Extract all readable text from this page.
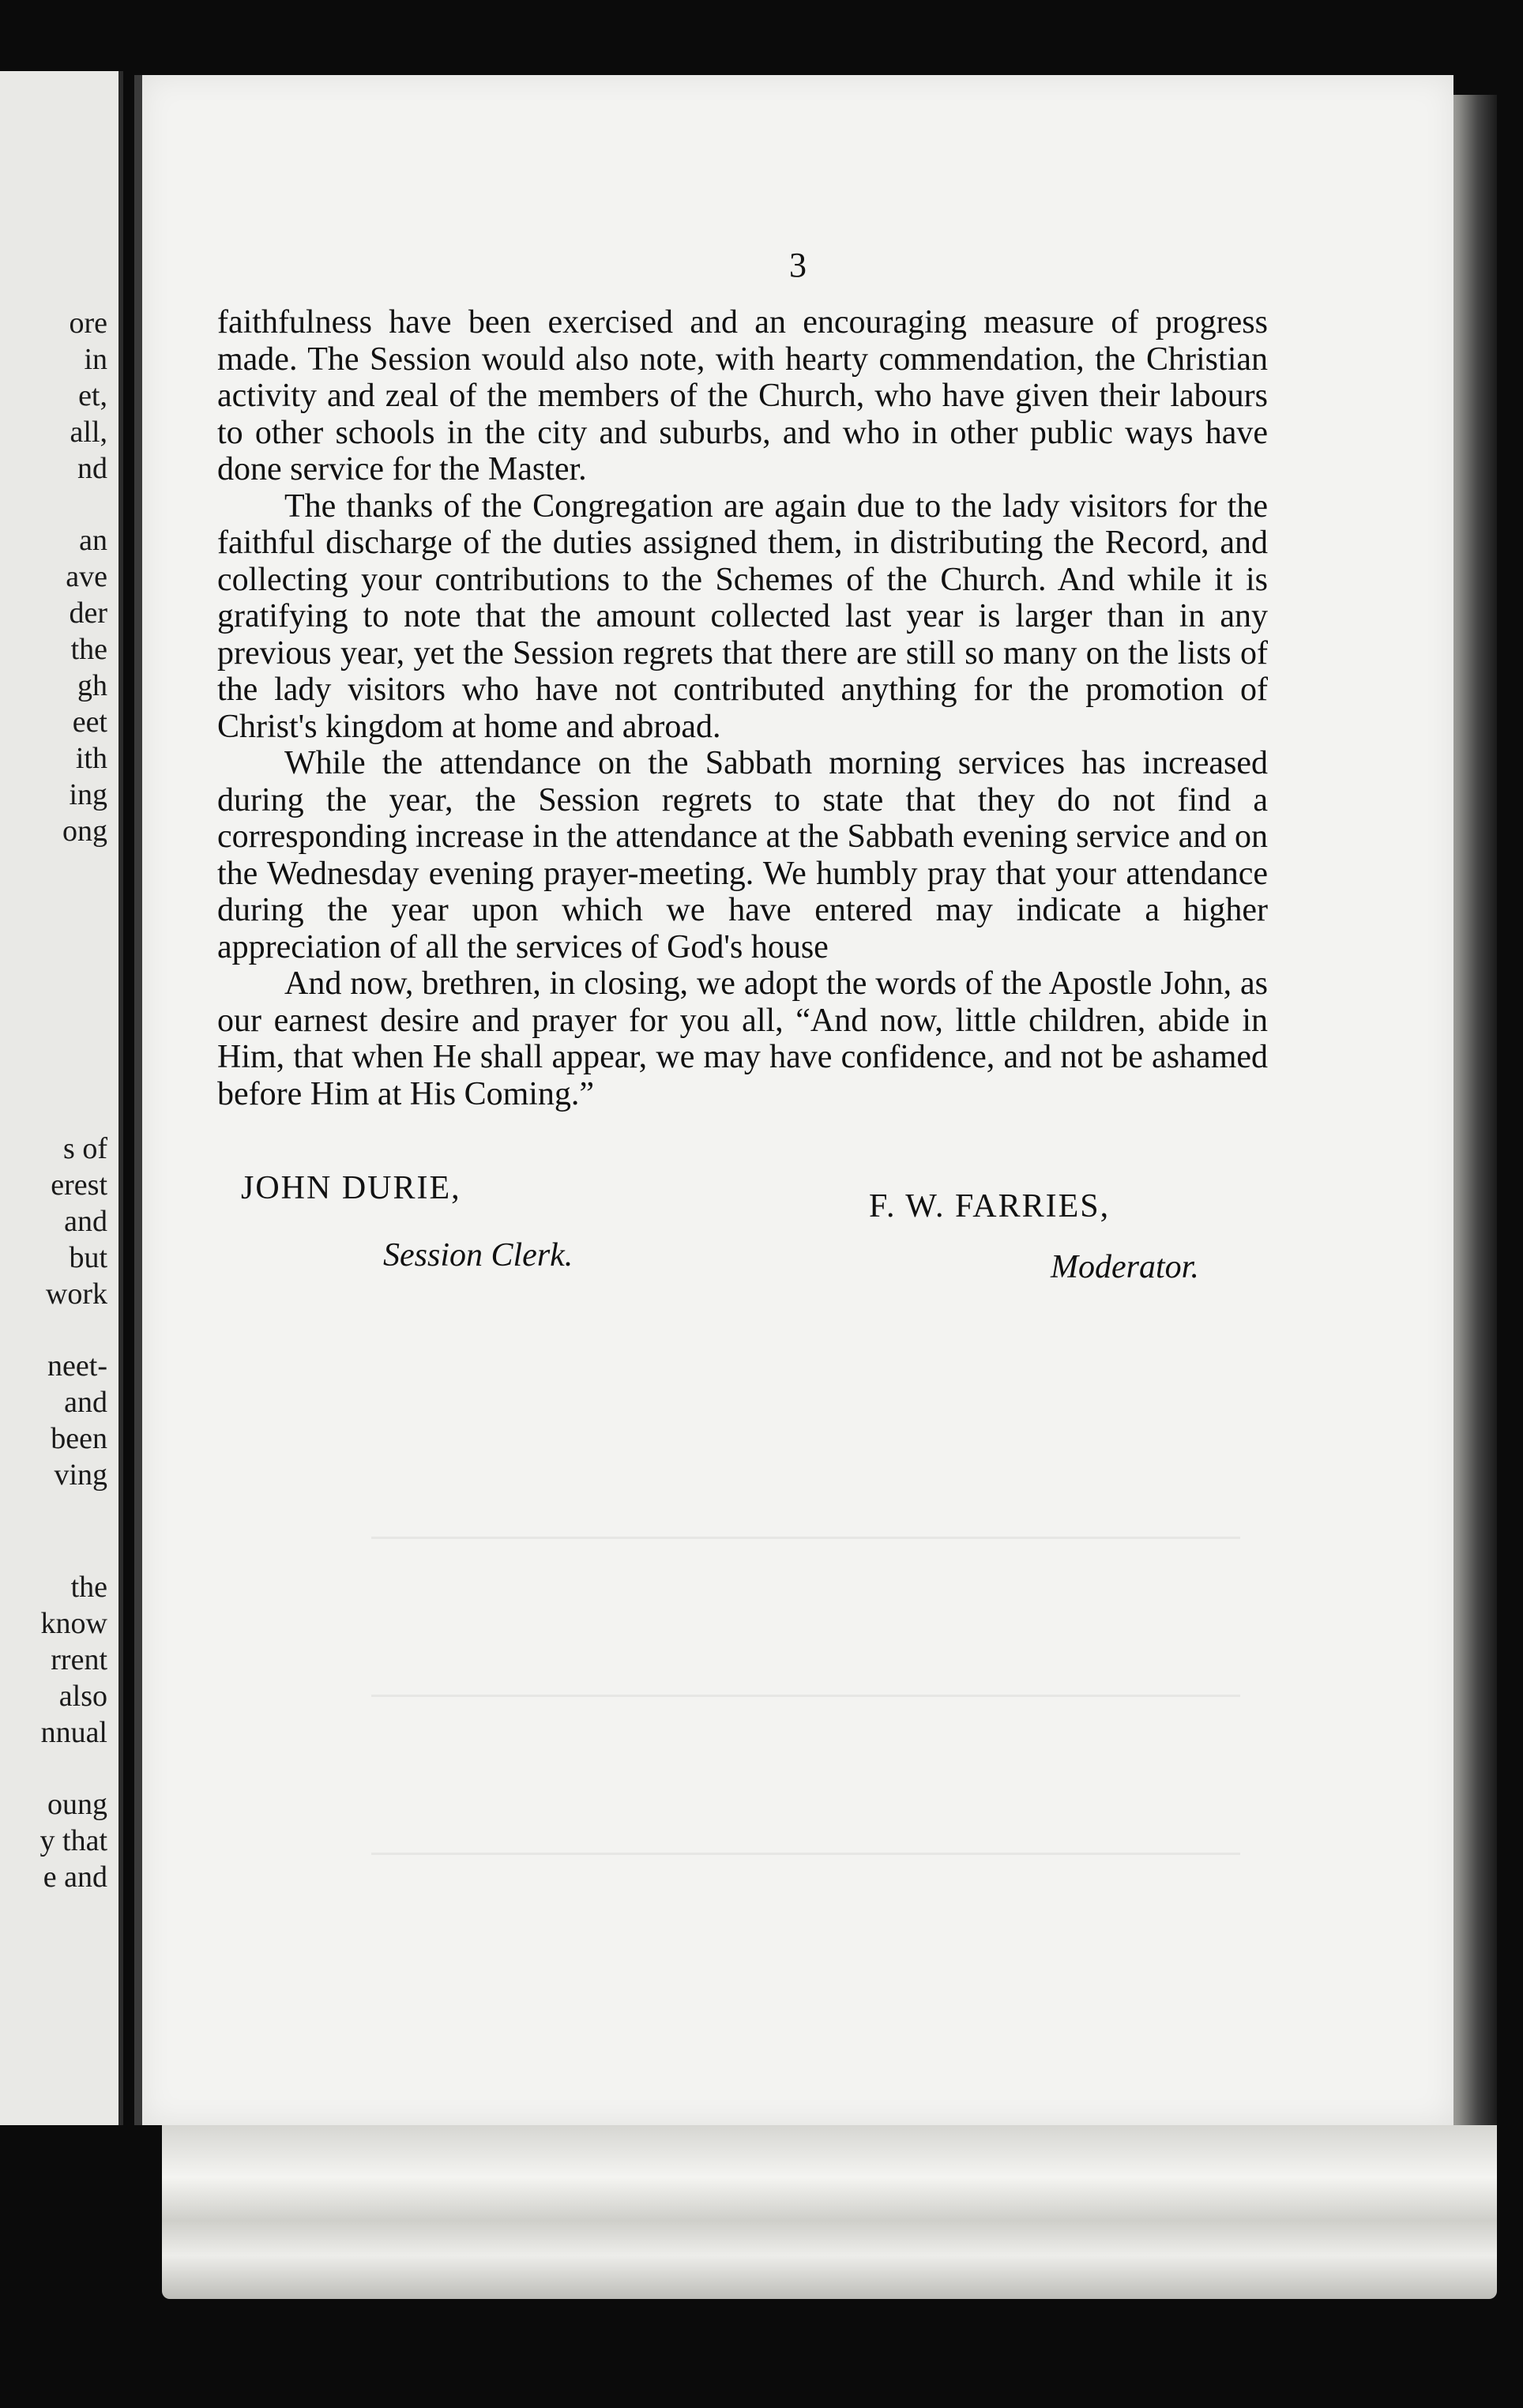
ore
in
et,
all,
nd
an
ave
der
the
gh
eet
ith
ing
ong
s of
erest
and
but
work
neet-
and
been
ving
the
know
rrent
also
nnual
oung
y that
e and
3

faithfulness have been exercised and an encouraging measure of progress made. The Session would also note, with hearty commendation, the Christian activity and zeal of the members of the Church, who have given their labours to other schools in the city and suburbs, and who in other public ways have done service for the Master.

The thanks of the Congregation are again due to the lady visitors for the faithful discharge of the duties assigned them, in distributing the Record, and collecting your contributions to the Schemes of the Church. And while it is gratifying to note that the amount collected last year is larger than in any previous year, yet the Session regrets that there are still so many on the lists of the lady visitors who have not contributed anything for the promotion of Christ's kingdom at home and abroad.

While the attendance on the Sabbath morning services has increased during the year, the Session regrets to state that they do not find a corresponding increase in the attendance at the Sabbath evening service and on the Wednesday evening prayer-meeting. We humbly pray that your attendance during the year upon which we have entered may indicate a higher appreciation of all the services of God's house

And now, brethren, in closing, we adopt the words of the Apostle John, as our earnest desire and prayer for you all, “And now, little children, abide in Him, that when He shall appear, we may have confidence, and not be ashamed before Him at His Coming.”

JOHN DURIE,
Session Clerk.
F. W. FARRIES,
Moderator.
